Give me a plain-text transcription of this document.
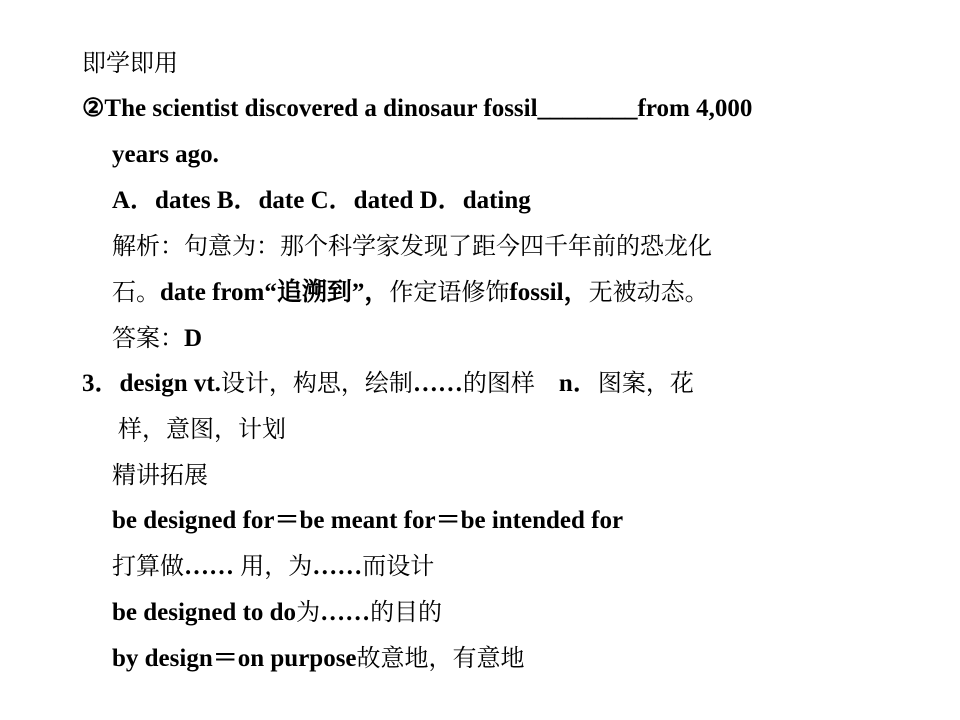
即学即用
②The scientist discovered a dinosaur fossil________from 4,000
years ago.
A．dates B．date C．dated D．dating
解析：句意为：那个科学家发现了距今四千年前的恐龙化
石。date from“追溯到”，作定语修饰fossil，无被动态。
答案：D
3．design vt.设计，构思，绘制……的图样　n．图案，花
样，意图，计划
精讲拓展
be designed for＝be meant for＝be intended for
打算做…… 用，为……而设计
be designed to do为……的目的
by design＝on purpose故意地，有意地
